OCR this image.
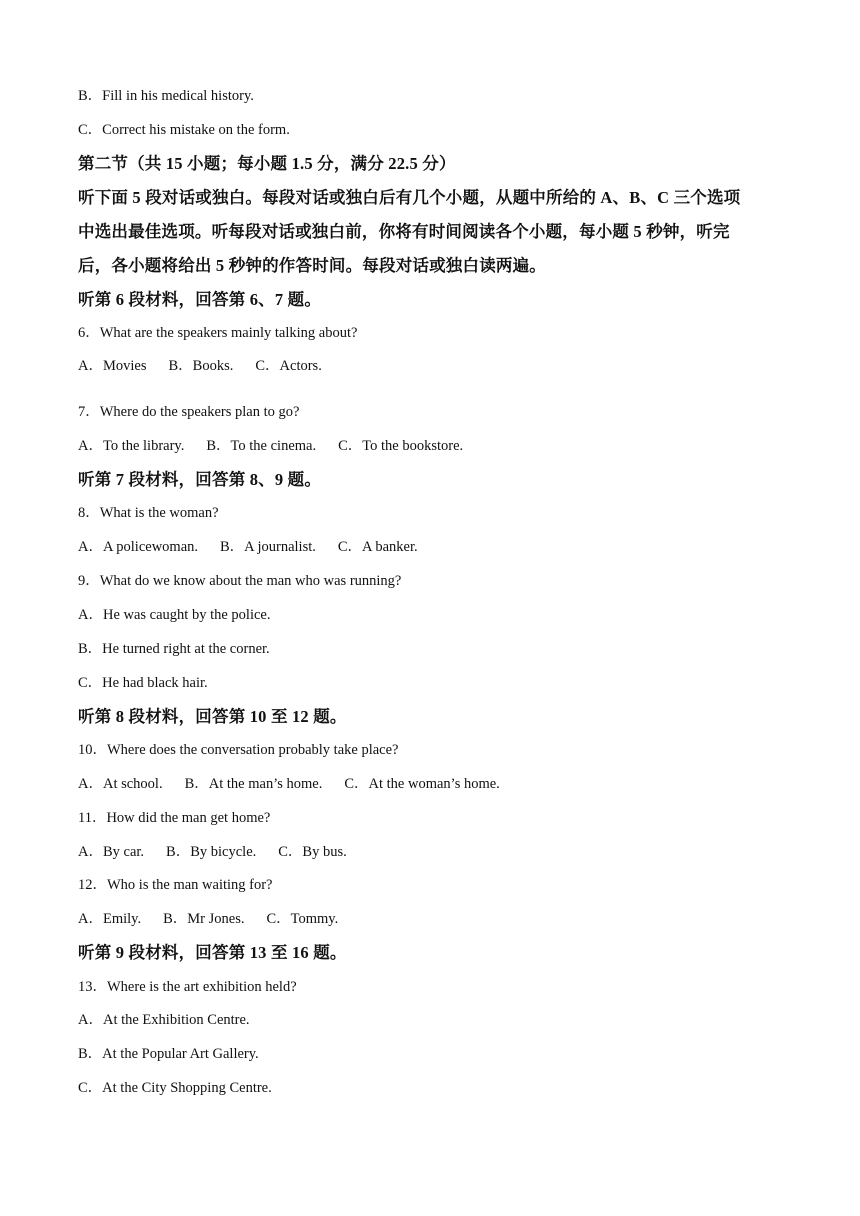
B．Fill in his medical history.
C．Correct his mistake on the form.
第二节（共 15 小题；每小题 1.5 分，满分 22.5 分）
听下面 5 段对话或独白。每段对话或独白后有几个小题，从题中所给的 A、B、C 三个选项
中选出最佳选项。听每段对话或独白前，你将有时间阅读各个小题，每小题 5 秒钟，听完
后，各小题将给出 5 秒钟的作答时间。每段对话或独白读两遍。
听第 6 段材料，回答第 6、7 题。
6．What are the speakers mainly talking about?
A．Movies B．Books. C．Actors.
7．Where do the speakers plan to go?
A．To the library. B．To the cinema. C．To the bookstore.
听第 7 段材料，回答第 8、9 题。
8．What is the woman?
A．A policewoman. B．A journalist. C．A banker.
9．What do we know about the man who was running?
A．He was caught by the police.
B．He turned right at the corner.
C．He had black hair.
听第 8 段材料，回答第 10 至 12 题。
10．Where does the conversation probably take place?
A．At school. B．At the man’s home. C．At the woman’s home.
11．How did the man get home?
A．By car. B．By bicycle. C．By bus.
12．Who is the man waiting for?
A．Emily. B．Mr Jones. C．Tommy.
听第 9 段材料，回答第 13 至 16 题。
13．Where is the art exhibition held?
A．At the Exhibition Centre.
B．At the Popular Art Gallery.
C．At the City Shopping Centre.
